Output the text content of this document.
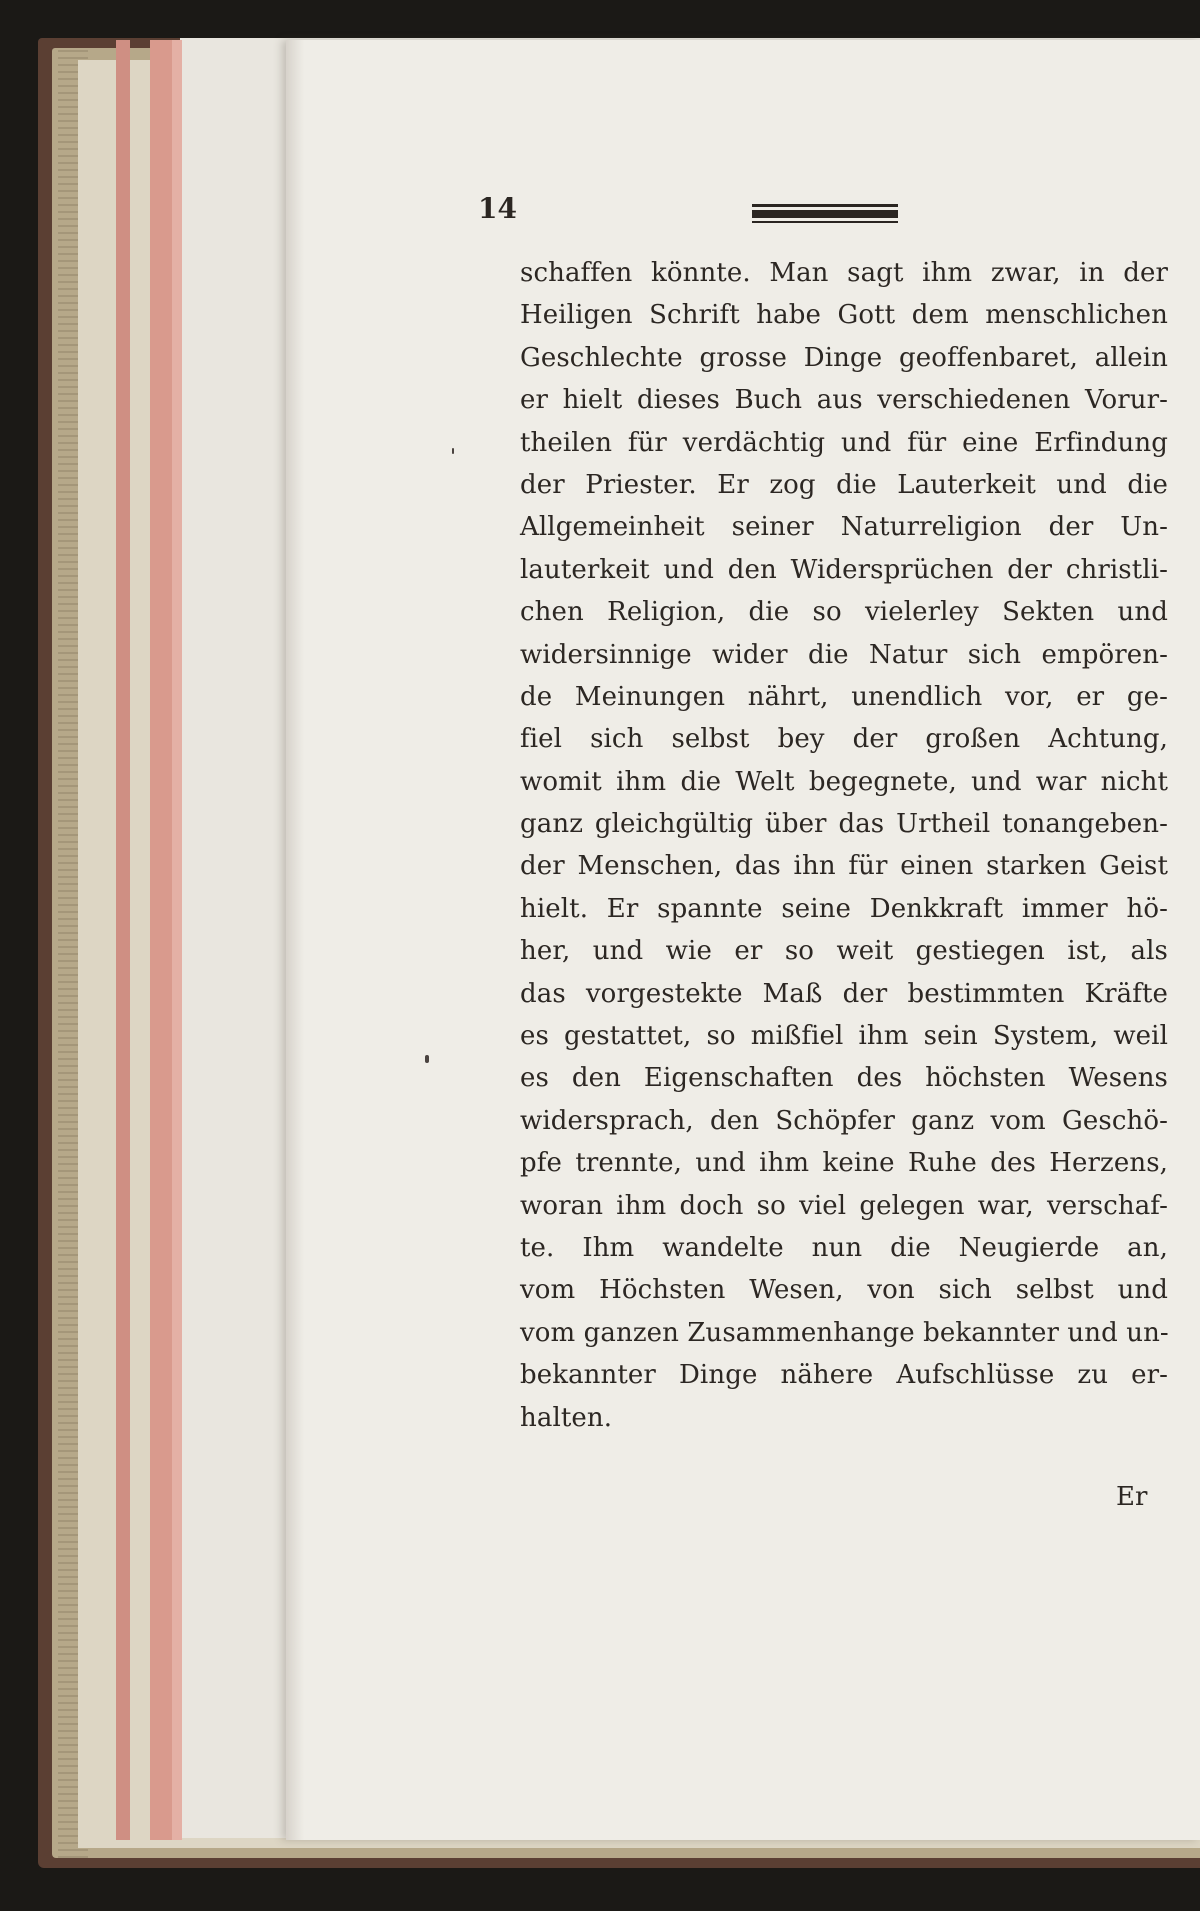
14
schaffen könnte. Man sagt ihm zwar, in der
Heiligen Schrift habe Gott dem menschlichen
Geschlechte grosse Dinge geoffenbaret, allein
er hielt dieses Buch aus verschiedenen Vorur-
theilen für verdächtig und für eine Erfindung
der Priester. Er zog die Lauterkeit und die
Allgemeinheit seiner Naturreligion der Un-
lauterkeit und den Widersprüchen der christli-
chen Religion, die so vielerley Sekten und
widersinnige wider die Natur sich empören-
de Meinungen nährt, unendlich vor, er ge-
fiel sich selbst bey der großen Achtung,
womit ihm die Welt begegnete, und war nicht
ganz gleichgültig über das Urtheil tonangeben-
der Menschen, das ihn für einen starken Geist
hielt. Er spannte seine Denkkraft immer hö-
her, und wie er so weit gestiegen ist, als
das vorgestekte Maß der bestimmten Kräfte
es gestattet, so mißfiel ihm sein System, weil
es den Eigenschaften des höchsten Wesens
widersprach, den Schöpfer ganz vom Geschö-
pfe trennte, und ihm keine Ruhe des Herzens,
woran ihm doch so viel gelegen war, verschaf-
te. Ihm wandelte nun die Neugierde an,
vom Höchsten Wesen, von sich selbst und
vom ganzen Zusammenhange bekannter und un-
bekannter Dinge nähere Aufschlüsse zu er-
halten.
Er
